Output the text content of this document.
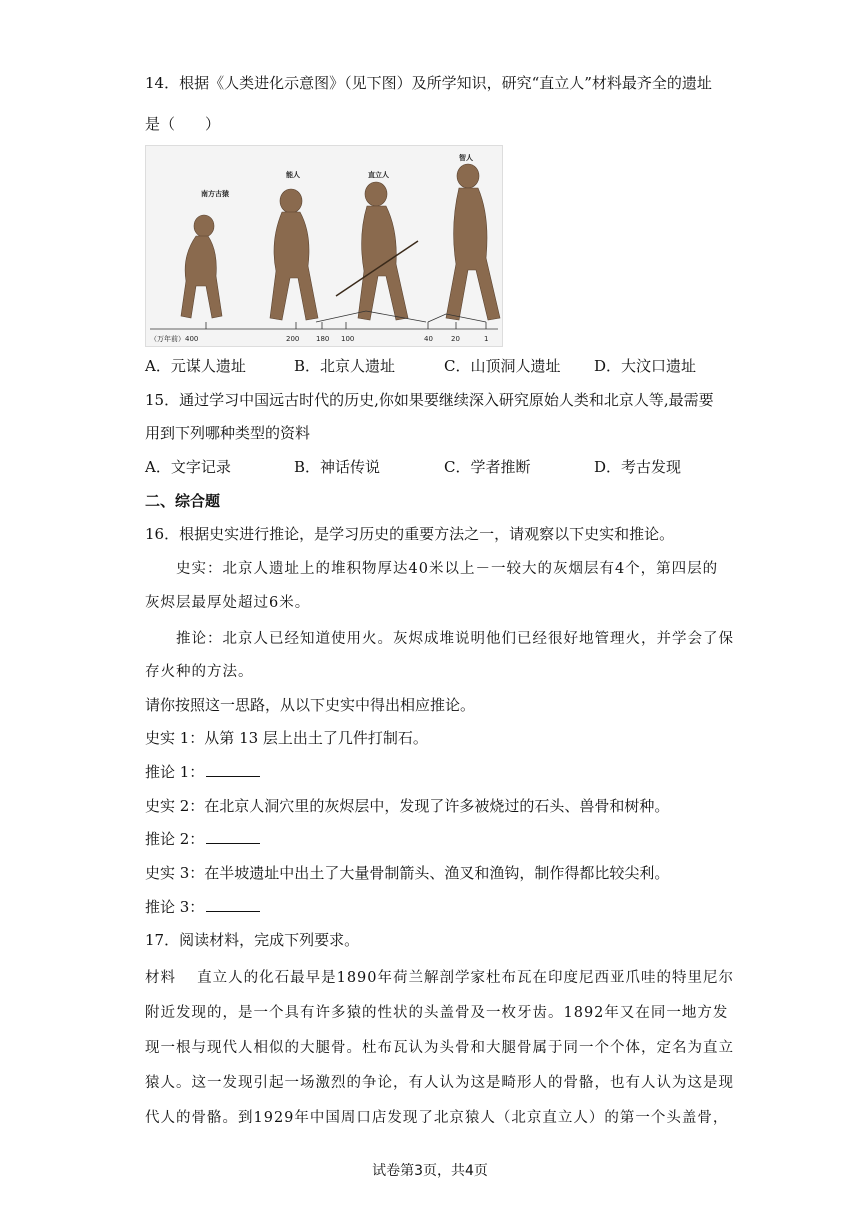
14．根据《人类进化示意图》（见下图）及所学知识，研究“直立人”材料最齐全的遗址
是（　　）
南方古猿
能人	直立人
智人
（万年前）400	200 180 100	40	20	1
A．元谋人遗址	B．北京人遗址	C．山顶洞人遗址 D．大汶口遗址
15．通过学习中国远古时代的历史,你如果要继续深入研究原始人类和北京人等,最需要
用到下列哪种类型的资料
A．文字记录	B．神话传说	C．学者推断	D．考古发现
二、综合题
16．根据史实进行推论，是学习历史的重要方法之一，请观察以下史实和推论。
史实：北京人遗址上的堆积物厚达40米以上－一较大的灰烟层有4个，第四层的
灰烬层最厚处超过6米。
推论：北京人已经知道使用火。灰烬成堆说明他们已经很好地管理火，并学会了保
存火种的方法。
请你按照这一思路，从以下史实中得出相应推论。
史实 1：从第 13 层上出土了几件打制石。
推论 1：
史实 2：在北京人洞穴里的灰烬层中，发现了许多被烧过的石头、兽骨和树种。
推论 2：
史实 3：在半坡遗址中出土了大量骨制箭头、渔叉和渔钩，制作得都比较尖利。
推论 3：
17．阅读材料，完成下列要求。
材料　 直立人的化石最早是1890年荷兰解剖学家杜布瓦在印度尼西亚爪哇的特里尼尔
附近发现的，是一个具有许多猿的性状的头盖骨及一枚牙齿。1892年又在同一地方发
现一根与现代人相似的大腿骨。杜布瓦认为头骨和大腿骨属于同一个个体，定名为直立
猿人。这一发现引起一场激烈的争论，有人认为这是畸形人的骨骼，也有人认为这是现
代人的骨骼。到1929年中国周口店发现了北京猿人（北京直立人）的第一个头盖骨，
试卷第3页，共4页
